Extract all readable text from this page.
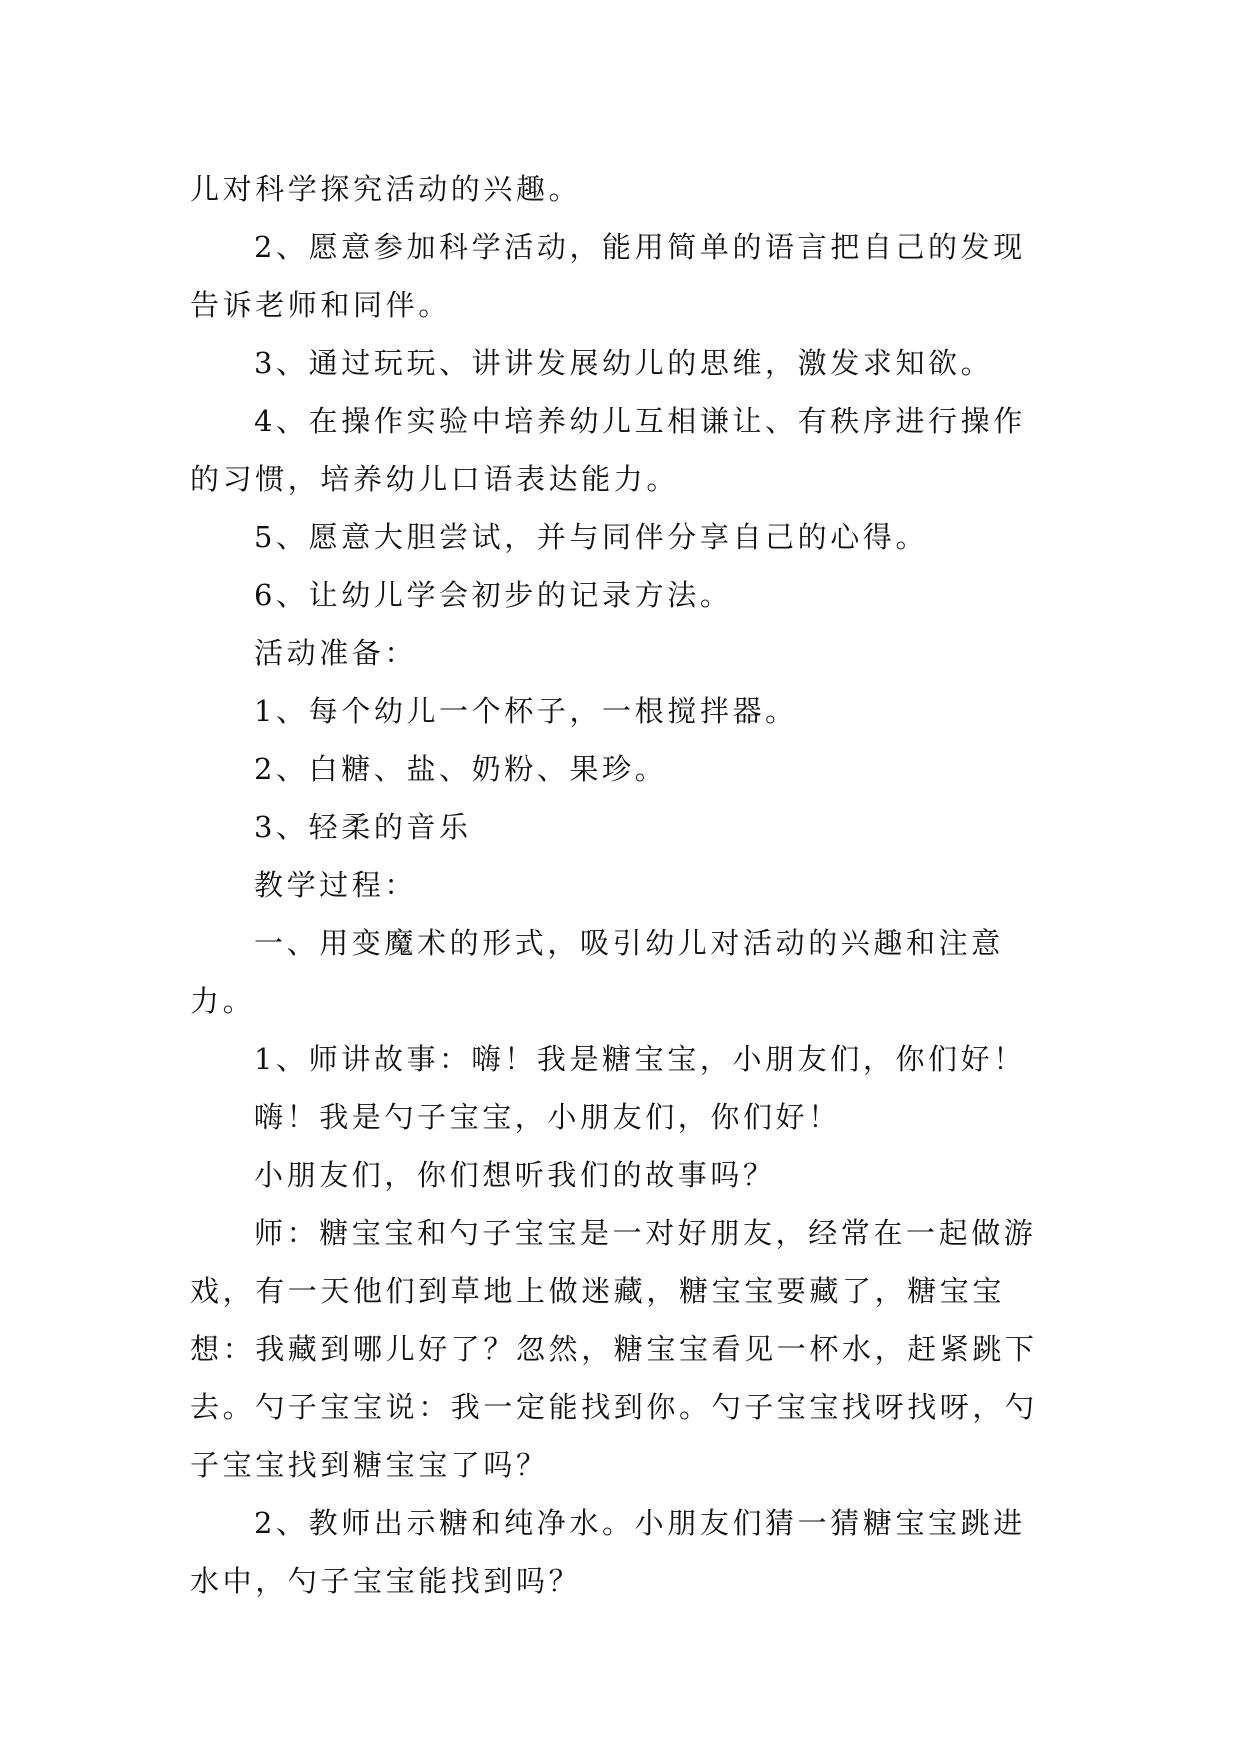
儿对科学探究活动的兴趣。

2、愿意参加科学活动，能用简单的语言把自己的发现告诉老师和同伴。

3、通过玩玩、讲讲发展幼儿的思维，激发求知欲。

4、在操作实验中培养幼儿互相谦让、有秩序进行操作的习惯，培养幼儿口语表达能力。

5、愿意大胆尝试，并与同伴分享自己的心得。

6、让幼儿学会初步的记录方法。

活动准备：

1、每个幼儿一个杯子，一根搅拌器。

2、白糖、盐、奶粉、果珍。

3、轻柔的音乐

教学过程：

一、用变魔术的形式，吸引幼儿对活动的兴趣和注意力。

1、师讲故事：嗨！我是糖宝宝，小朋友们，你们好！

嗨！我是勺子宝宝，小朋友们，你们好！

小朋友们，你们想听我们的故事吗？

师：糖宝宝和勺子宝宝是一对好朋友，经常在一起做游戏，有一天他们到草地上做迷藏，糖宝宝要藏了，糖宝宝想：我藏到哪儿好了？忽然，糖宝宝看见一杯水，赶紧跳下去。勺子宝宝说：我一定能找到你。勺子宝宝找呀找呀，勺子宝宝找到糖宝宝了吗？

2、教师出示糖和纯净水。小朋友们猜一猜糖宝宝跳进水中，勺子宝宝能找到吗？
